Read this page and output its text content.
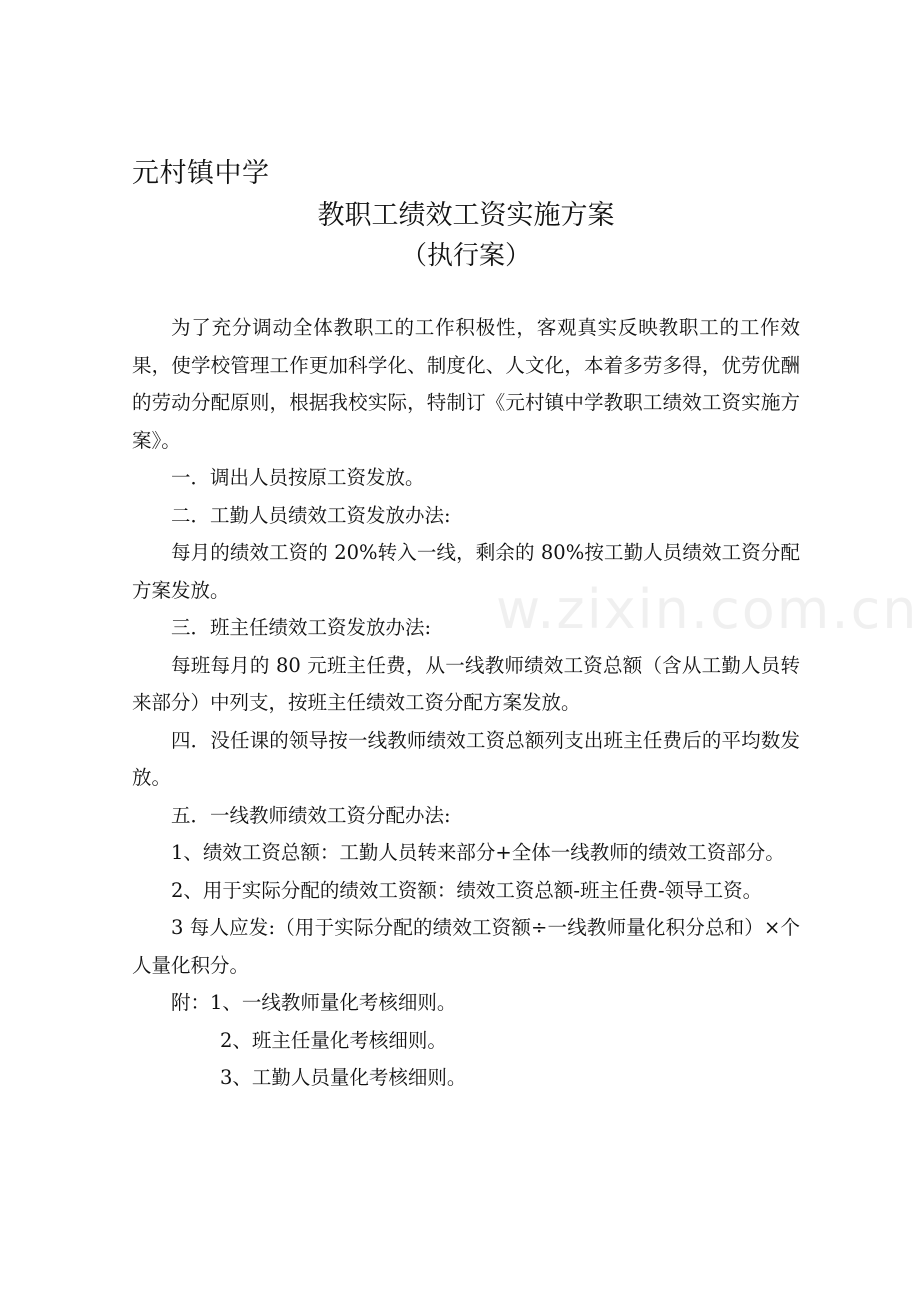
元村镇中学
教职工绩效工资实施方案
（执行案）

为了充分调动全体教职工的工作积极性，客观真实反映教职工的工作效果，使学校管理工作更加科学化、制度化、人文化，本着多劳多得，优劳优酬的劳动分配原则，根据我校实际，特制订《元村镇中学教职工绩效工资实施方案》。

一．调出人员按原工资发放。

二．工勤人员绩效工资发放办法:

每月的绩效工资的 20%转入一线，剩余的 80%按工勤人员绩效工资分配方案发放。

三．班主任绩效工资发放办法:

每班每月的 80 元班主任费，从一线教师绩效工资总额（含从工勤人员转来部分）中列支，按班主任绩效工资分配方案发放。

四．没任课的领导按一线教师绩效工资总额列支出班主任费后的平均数发放。

五．一线教师绩效工资分配办法:

1、绩效工资总额：工勤人员转来部分+全体一线教师的绩效工资部分。

2、用于实际分配的绩效工资额：绩效工资总额-班主任费-领导工资。

3 每人应发:（用于实际分配的绩效工资额÷一线教师量化积分总和）×个人量化积分。

附：1、一线教师量化考核细则。

2、班主任量化考核细则。

3、工勤人员量化考核细则。

w.zixin.com.cn
